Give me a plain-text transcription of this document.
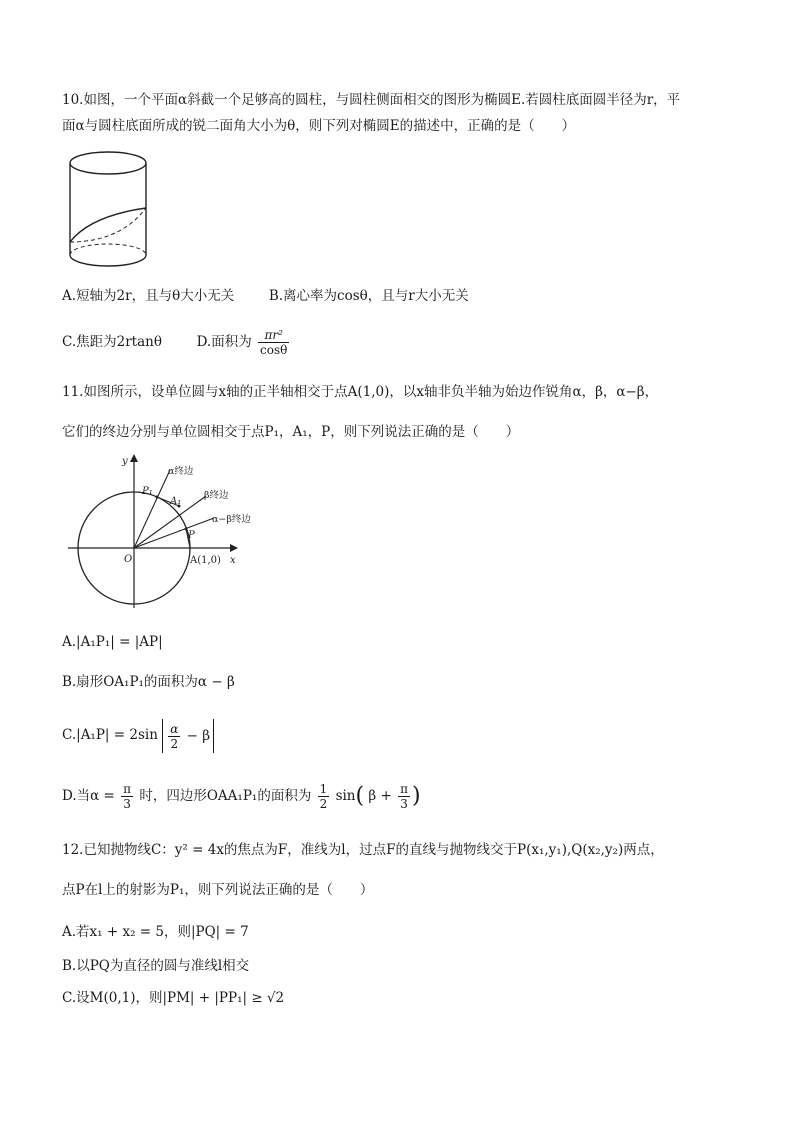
10.如图，一个平面α斜截一个足够高的圆柱，与圆柱侧面相交的图形为椭圆E.若圆柱底面圆半径为r，平
面α与圆柱底面所成的锐二面角大小为θ，则下列对椭圆E的描述中，正确的是（　　）
A.短轴为2r，且与θ大小无关	B.离心率为cosθ，且与r大小无关
C.焦距为2rtanθ	D.面积为 $\frac{\text{πr²}}{\cos\theta}$
11.如图所示，设单位圆与x轴的正半轴相交于点A(1,0)，以x轴非负半轴为始边作锐角α，β，α−β，
它们的终边分别与单位圆相交于点P₁，A₁，P，则下列说法正确的是（　　）
y
x
O
α终边
β终边
α−β终边
P₁
A₁
P
A(1,0)
A.|A₁P₁| = |AP|
B.扇形OA₁P₁的面积为α − β
$C.|A_1P| = 2\sin \frac{\alpha}{2} - \beta$
D.当$\alpha = \frac{\pi}{3}$ 时，四边形OAA₁P₁的面积为 $\frac{1}{2} \sin$( $\beta + \frac{\pi}{3}$ )
12.已知抛物线C：y² = 4x的焦点为F，准线为l，过点F的直线与抛物线交于P(x₁,y₁),Q(x₂,y₂)两点，
点P在l上的射影为P₁，则下列说法正确的是（　　）
A.若x₁ + x₂ = 5，则|PQ| = 7
B.以PQ为直径的圆与准线l相交
C.设M(0,1)，则|PM| + |PP₁| ≥ √2
